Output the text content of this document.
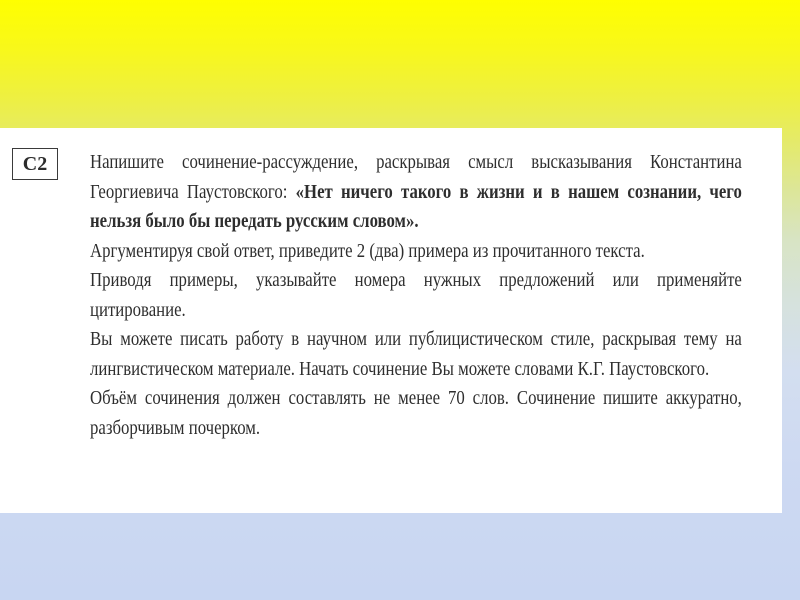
C2	Напишите сочинение-рассуждение, раскрывая смысл высказывания Константина Георгиевича Паустовского: «Нет ничего такого в жизни и в нашем сознании, чего нельзя было бы передать русским словом».

Аргументируя свой ответ, приведите 2 (два) примера из прочитанного текста.

Приводя примеры, указывайте номера нужных предложений или применяйте цитирование.

Вы можете писать работу в научном или публицистическом стиле, раскрывая тему на лингвистическом материале. Начать сочинение Вы можете словами К.Г. Паустовского.

Объём сочинения должен составлять не менее 70 слов. Сочинение пишите аккуратно, разборчивым почерком.
